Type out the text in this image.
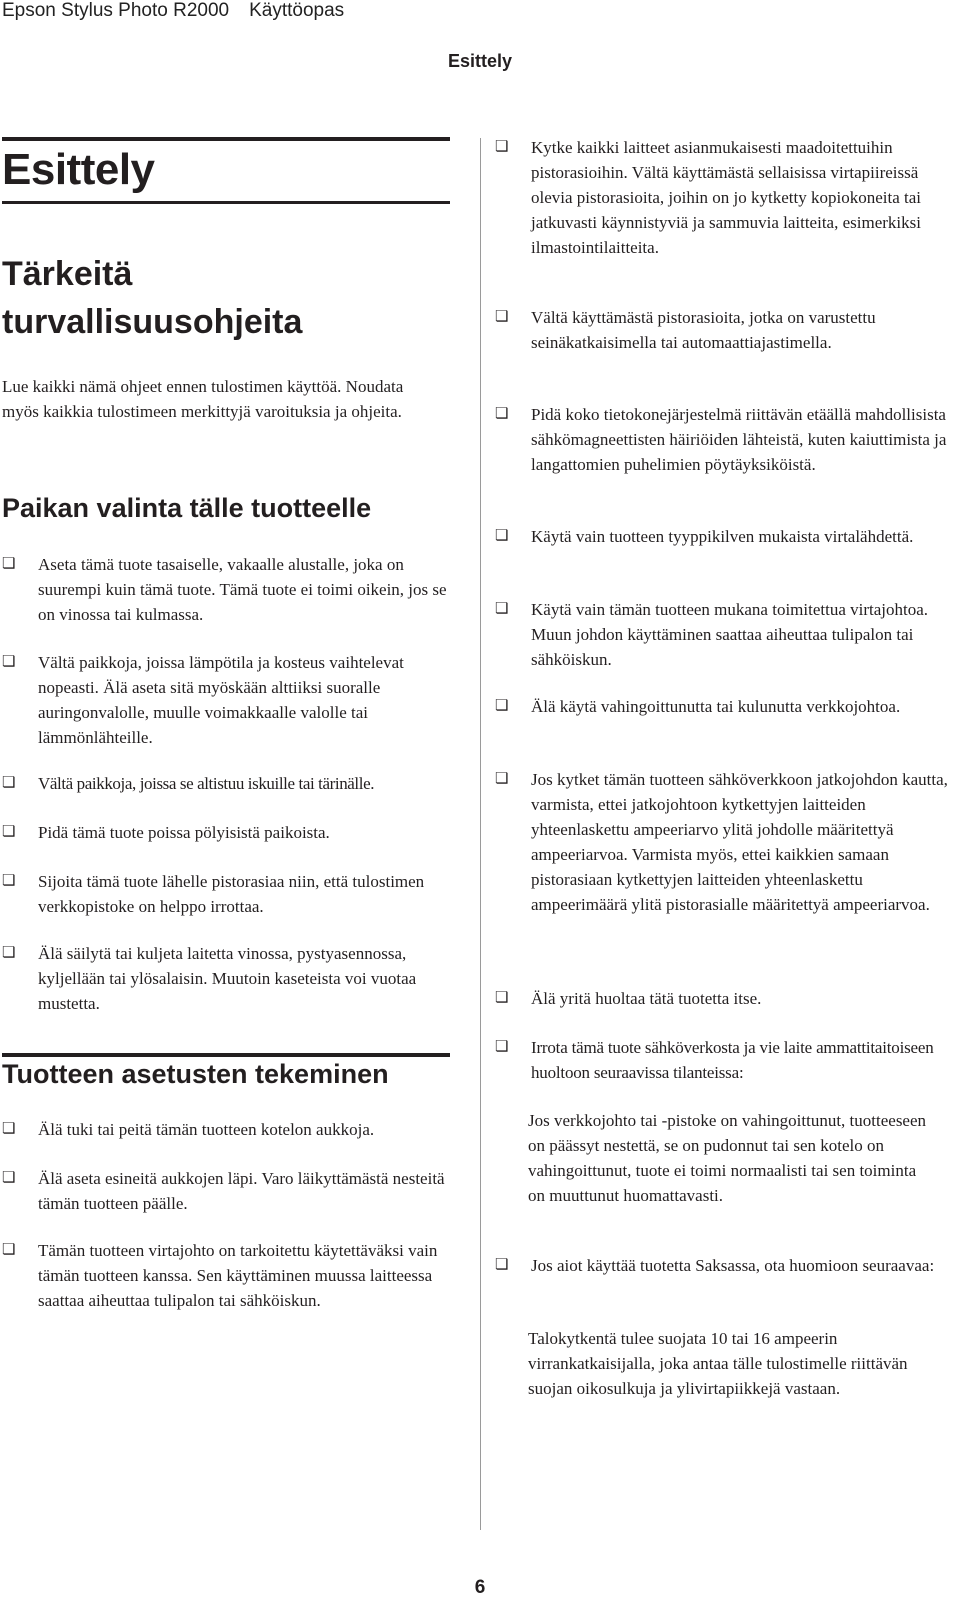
Epson Stylus Photo R2000 Käyttöopas
Esittely
Esittely
Tärkeitä turvallisuusohjeita
Lue kaikki nämä ohjeet ennen tulostimen käyttöä. Noudata myös kaikkia tulostimeen merkittyjä varoituksia ja ohjeita.
Paikan valinta tälle tuotteelle
❏	Aseta tämä tuote tasaiselle, vakaalle alustalle, joka on suurempi kuin tämä tuote. Tämä tuote ei toimi oikein, jos se on vinossa tai kulmassa.
❏	Vältä paikkoja, joissa lämpötila ja kosteus vaihtelevat nopeasti. Älä aseta sitä myöskään alttiiksi suoralle auringonvalolle, muulle voimakkaalle valolle tai lämmönlähteille.
❏	Vältä paikkoja, joissa se altistuu iskuille tai tärinälle.
❏	Pidä tämä tuote poissa pölyisistä paikoista.
❏	Sijoita tämä tuote lähelle pistorasiaa niin, että tulostimen verkkopistoke on helppo irrottaa.
❏	Älä säilytä tai kuljeta laitetta vinossa, pystyasennossa, kyljellään tai ylösalaisin. Muutoin kaseteista voi vuotaa mustetta.
Tuotteen asetusten tekeminen
❏	Älä tuki tai peitä tämän tuotteen kotelon aukkoja.
❏	Älä aseta esineitä aukkojen läpi. Varo läikyttämästä nesteitä tämän tuotteen päälle.
❏	Tämän tuotteen virtajohto on tarkoitettu käytettäväksi vain tämän tuotteen kanssa. Sen käyttäminen muussa laitteessa saattaa aiheuttaa tulipalon tai sähköiskun.
❏	Kytke kaikki laitteet asianmukaisesti maadoitettuihin pistorasioihin. Vältä käyttämästä sellaisissa virtapiireissä olevia pistorasioita, joihin on jo kytketty kopiokoneita tai jatkuvasti käynnistyviä ja sammuvia laitteita, esimerkiksi ilmastointilaitteita.
❏	Vältä käyttämästä pistorasioita, jotka on varustettu seinäkatkaisimella tai automaattiajastimella.
❏	Pidä koko tietokonejärjestelmä riittävän etäällä mahdollisista sähkömagneettisten häiriöiden lähteistä, kuten kaiuttimista ja langattomien puhelimien pöytäyksiköistä.
❏	Käytä vain tuotteen tyyppikilven mukaista virtalähdettä.
❏	Käytä vain tämän tuotteen mukana toimitettua virtajohtoa. Muun johdon käyttäminen saattaa aiheuttaa tulipalon tai sähköiskun.
❏	Älä käytä vahingoittunutta tai kulunutta verkkojohtoa.
❏	Jos kytket tämän tuotteen sähköverkkoon jatkojohdon kautta, varmista, ettei jatkojohtoon kytkettyjen laitteiden yhteenlaskettu ampeeriarvo ylitä johdolle määritettyä ampeeriarvoa. Varmista myös, ettei kaikkien samaan pistorasiaan kytkettyjen laitteiden yhteenlaskettu ampeerimäärä ylitä pistorasialle määritettyä ampeeriarvoa.
❏	Älä yritä huoltaa tätä tuotetta itse.
❏	Irrota tämä tuote sähköverkosta ja vie laite ammattitaitoiseen huoltoon seuraavissa tilanteissa:
Jos verkkojohto tai -pistoke on vahingoittunut, tuotteeseen on päässyt nestettä, se on pudonnut tai sen kotelo on vahingoittunut, tuote ei toimi normaalisti tai sen toiminta on muuttunut huomattavasti.
❏	Jos aiot käyttää tuotetta Saksassa, ota huomioon seuraavaa:
Talokytkentä tulee suojata 10 tai 16 ampeerin virrankatkaisijalla, joka antaa tälle tulostimelle riittävän suojan oikosulkuja ja ylivirtapiikkejä vastaan.
6
